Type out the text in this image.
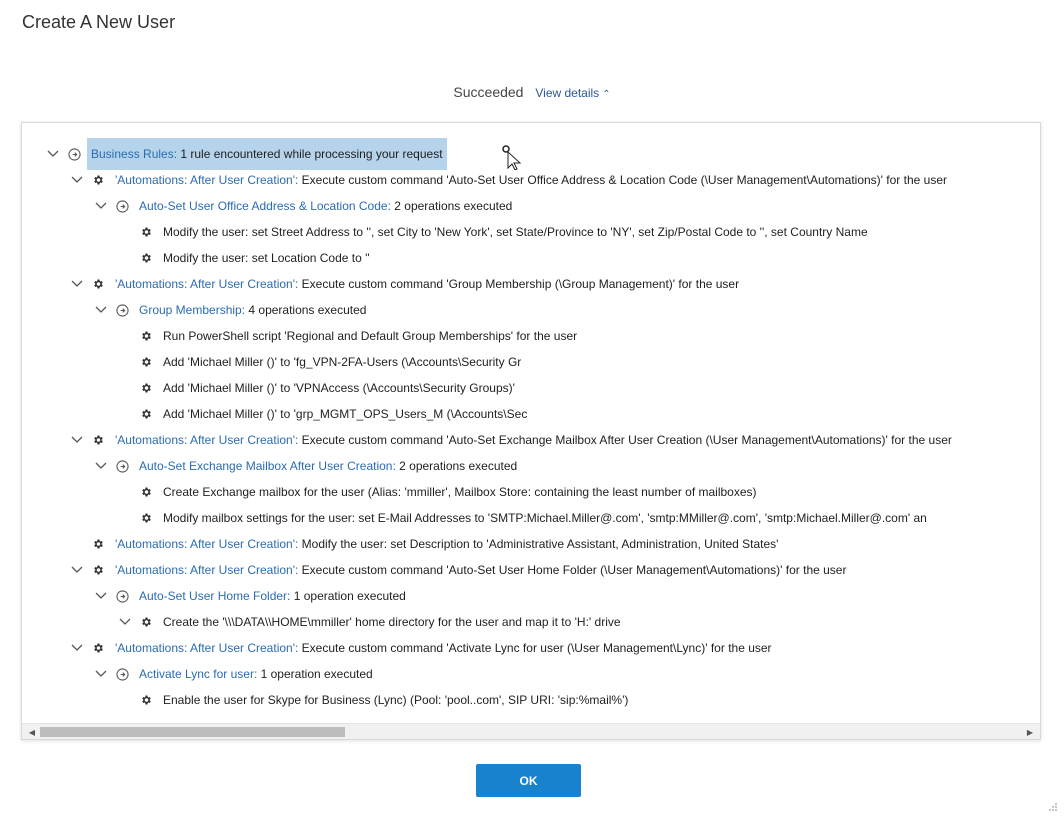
Create A New User
Succeeded View details ⌃
Business Rules: 1 rule encountered while processing your request
'Automations: After User Creation': Execute custom command 'Auto-Set User Office Address & Location Code (\User Management\Automations)' for the user
Auto-Set User Office Address & Location Code: 2 operations executed
Modify the user: set Street Address to '', set City to 'New York', set State/Province to 'NY', set Zip/Postal Code to '', set Country Name
Modify the user: set Location Code to ''
'Automations: After User Creation': Execute custom command 'Group Membership (\Group Management)' for the user
Group Membership: 4 operations executed
Run PowerShell script 'Regional and Default Group Memberships' for the user
Add 'Michael Miller ()' to 'fg_VPN-2FA-Users (\Accounts\Security Gr
Add 'Michael Miller ()' to 'VPNAccess (\Accounts\Security Groups)'
Add 'Michael Miller ()' to 'grp_MGMT_OPS_Users_M (\Accounts\Sec
'Automations: After User Creation': Execute custom command 'Auto-Set Exchange Mailbox After User Creation (\User Management\Automations)' for the user
Auto-Set Exchange Mailbox After User Creation: 2 operations executed
Create Exchange mailbox for the user (Alias: 'mmiller', Mailbox Store: containing the least number of mailboxes)
Modify mailbox settings for the user: set E-Mail Addresses to 'SMTP:Michael.Miller@.com', 'smtp:MMiller@.com', 'smtp:Michael.Miller@.com' an
'Automations: After User Creation': Modify the user: set Description to 'Administrative Assistant, Administration, United States'
'Automations: After User Creation': Execute custom command 'Auto-Set User Home Folder (\User Management\Automations)' for the user
Auto-Set User Home Folder: 1 operation executed
Create the '\\\DATA\\HOME\mmiller' home directory for the user and map it to 'H:' drive
'Automations: After User Creation': Execute custom command 'Activate Lync for user (\User Management\Lync)' for the user
Activate Lync for user: 1 operation executed
Enable the user for Skype for Business (Lync) (Pool: 'pool..com', SIP URI: 'sip:%mail%')
◀	▶
OK
